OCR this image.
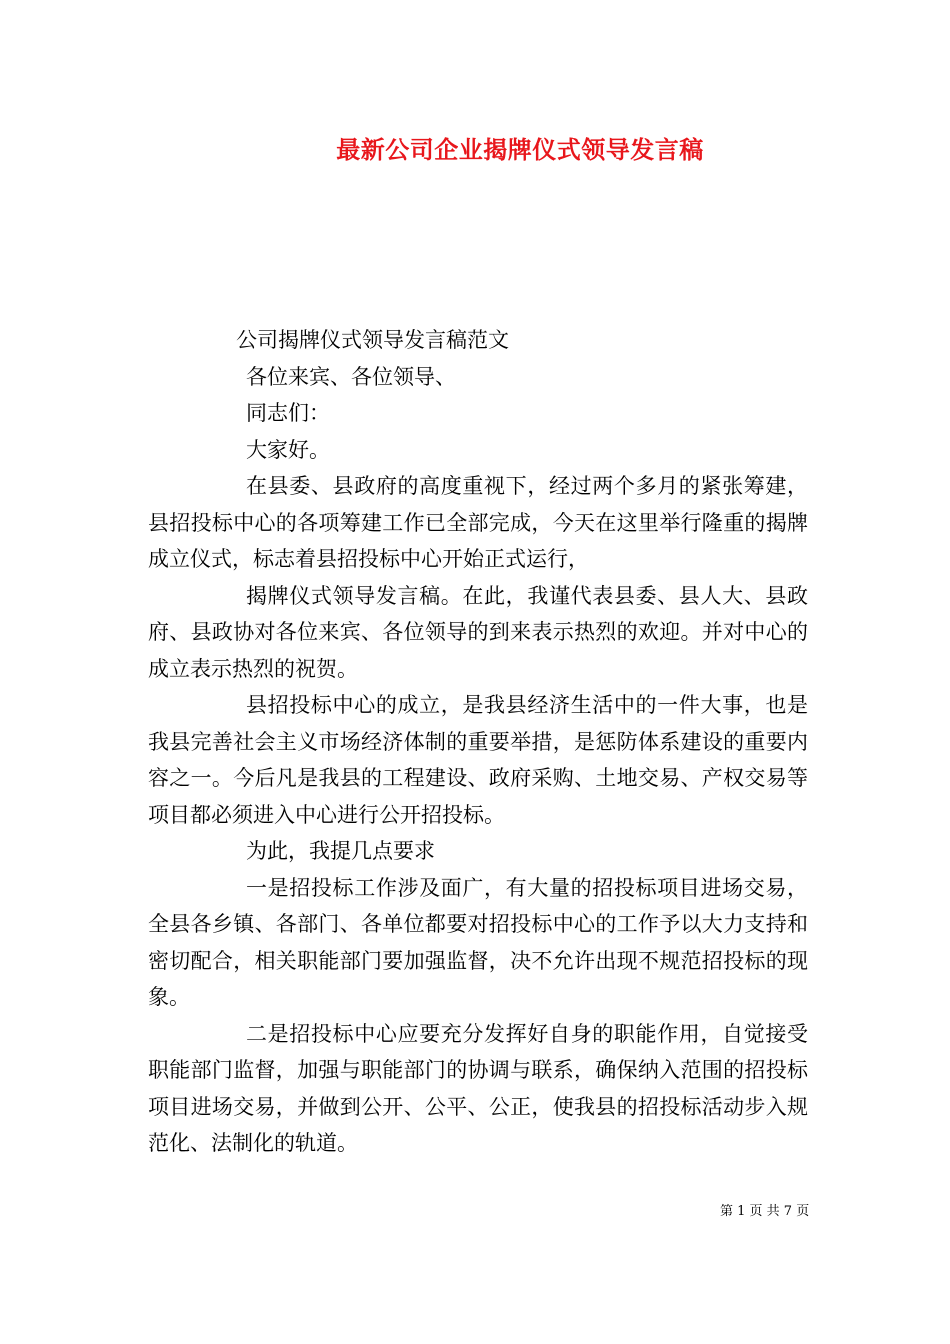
最新公司企业揭牌仪式领导发言稿
公司揭牌仪式领导发言稿范文
各位来宾、各位领导、
同志们：
大家好。

在县委、县政府的高度重视下，经过两个多月的紧张筹建，县招投标中心的各项筹建工作已全部完成，今天在这里举行隆重的揭牌成立仪式，标志着县招投标中心开始正式运行，

揭牌仪式领导发言稿。在此，我谨代表县委、县人大、县政府、县政协对各位来宾、各位领导的到来表示热烈的欢迎。并对中心的成立表示热烈的祝贺。

县招投标中心的成立，是我县经济生活中的一件大事，也是我县完善社会主义市场经济体制的重要举措，是惩防体系建设的重要内容之一。今后凡是我县的工程建设、政府采购、土地交易、产权交易等项目都必须进入中心进行公开招投标。

为此，我提几点要求

一是招投标工作涉及面广，有大量的招投标项目进场交易，全县各乡镇、各部门、各单位都要对招投标中心的工作予以大力支持和密切配合，相关职能部门要加强监督，决不允许出现不规范招投标的现象。

二是招投标中心应要充分发挥好自身的职能作用，自觉接受职能部门监督，加强与职能部门的协调与联系，确保纳入范围的招投标项目进场交易，并做到公开、公平、公正，使我县的招投标活动步入规范化、法制化的轨道。

第 1 页 共 7 页
